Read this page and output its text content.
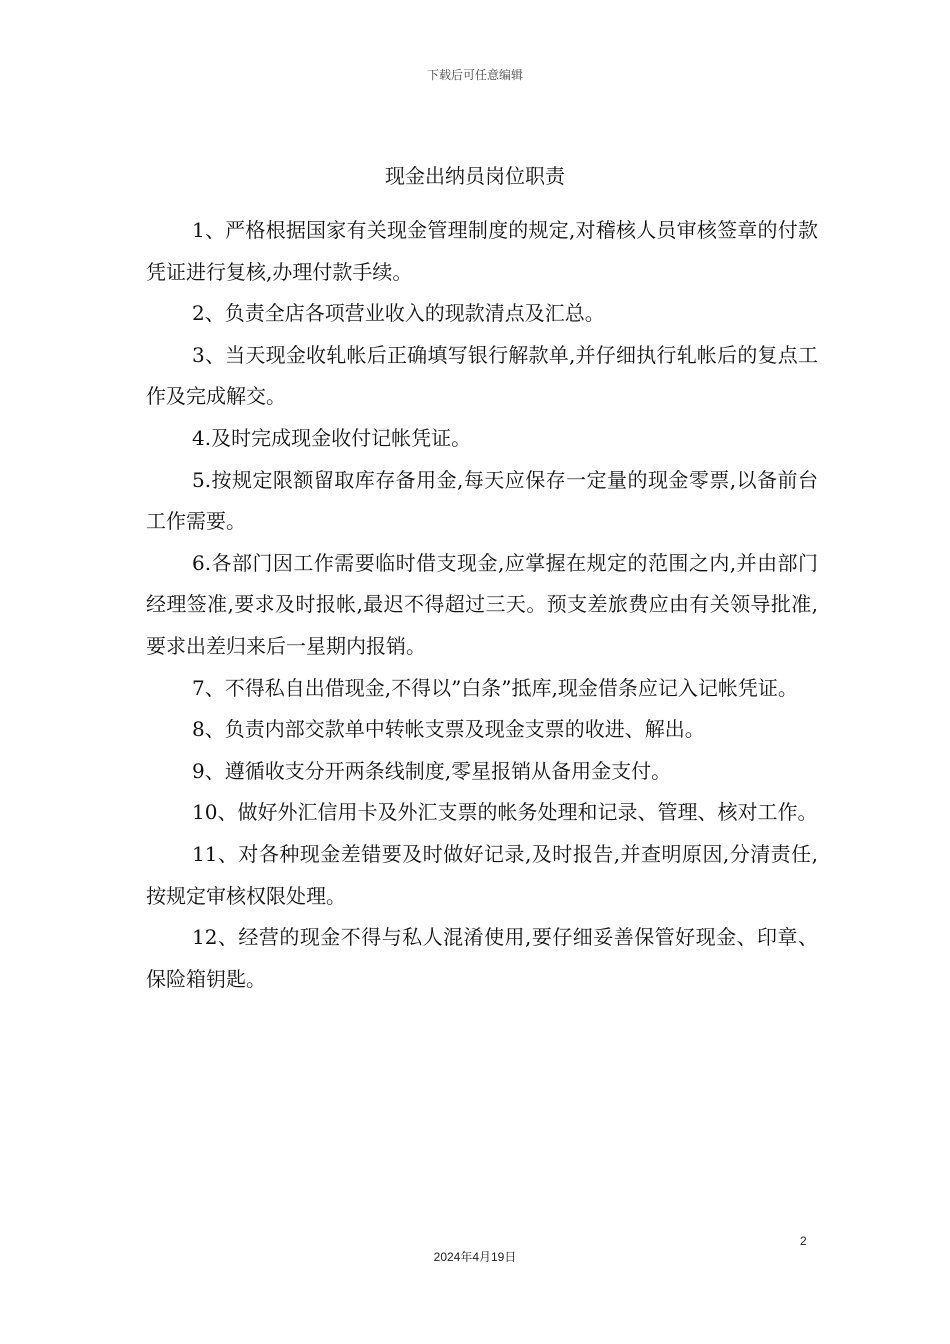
下载后可任意编辑
现金出纳员岗位职责

1、严格根据国家有关现金管理制度的规定,对稽核人员审核签章的付款凭证进行复核,办理付款手续。

2、负责全店各项营业收入的现款清点及汇总。

3、当天现金收轧帐后正确填写银行解款单,并仔细执行轧帐后的复点工作及完成解交。

4.及时完成现金收付记帐凭证。

5.按规定限额留取库存备用金,每天应保存一定量的现金零票,以备前台工作需要。

6.各部门因工作需要临时借支现金,应掌握在规定的范围之内,并由部门经理签准,要求及时报帐,最迟不得超过三天。预支差旅费应由有关领导批准,要求出差归来后一星期内报销。

7、不得私自出借现金,不得以”白条”抵库,现金借条应记入记帐凭证。

8、负责内部交款单中转帐支票及现金支票的收进、解出。

9、遵循收支分开两条线制度,零星报销从备用金支付。

10、做好外汇信用卡及外汇支票的帐务处理和记录、管理、核对工作。

11、对各种现金差错要及时做好记录,及时报告,并查明原因,分清责任,按规定审核权限处理。

12、经营的现金不得与私人混淆使用,要仔细妥善保管好现金、印章、保险箱钥匙。

2
2024年4月19日
